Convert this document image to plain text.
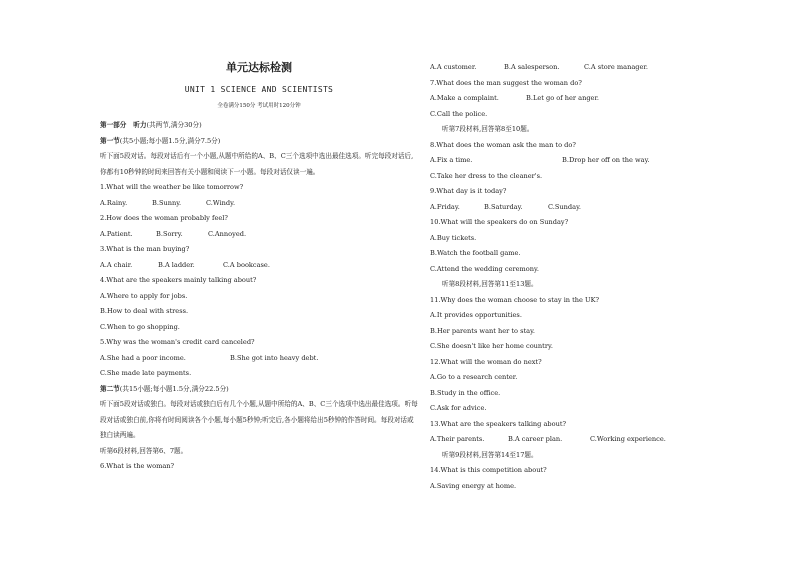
单元达标检测
UNIT 1 SCIENCE AND SCIENTISTS
全卷满分150分 考试用时120分钟
第一部分 听力(共两节,满分30分)
第一节(共5小题;每小题1.5分,满分7.5分)
听下面5段对话。每段对话后有一个小题,从题中所给的A、B、C三个选项中选出最佳选项。听完每段对话后,你都有10秒钟的时间来回答有关小题和阅读下一小题。每段对话仅读一遍。
1.What will the weather be like tomorrow?
A.Rainy.	B.Sunny.	C.Windy.
2.How does the woman probably feel?
A.Patient.	B.Sorry.	C.Annoyed.
3.What is the man buying?
A.A chair.	B.A ladder.	C.A bookcase.
4.What are the speakers mainly talking about?
A.Where to apply for jobs.
B.How to deal with stress.
C.When to go shopping.
5.Why was the woman's credit card canceled?
A.She had a poor income.	B.She got into heavy debt.
C.She made late payments.
第二节(共15小题;每小题1.5分,满分22.5分)
听下面5段对话或独白。每段对话或独白后有几个小题,从题中所给的A、B、C三个选项中选出最佳选项。听每段对话或独白前,你将有时间阅读各个小题,每小题5秒钟;听完后,各小题将给出5秒钟的作答时间。每段对话或独白读两遍。
听第6段材料,回答第6、7题。
6.What is the woman?
A.A customer.	B.A salesperson.	C.A store manager.
7.What does the man suggest the woman do?
A.Make a complaint.	B.Let go of her anger.
C.Call the police.
听第7段材料,回答第8至10题。
8.What does the woman ask the man to do?
A.Fix a time.	B.Drop her off on the way.
C.Take her dress to the cleaner's.
9.What day is it today?
A.Friday.	B.Saturday.	C.Sunday.
10.What will the speakers do on Sunday?
A.Buy tickets.
B.Watch the football game.
C.Attend the wedding ceremony.
听第8段材料,回答第11至13题。
11.Why does the woman choose to stay in the UK?
A.It provides opportunities.
B.Her parents want her to stay.
C.She doesn't like her home country.
12.What will the woman do next?
A.Go to a research center.
B.Study in the office.
C.Ask for advice.
13.What are the speakers talking about?
A.Their parents.	B.A career plan.	C.Working experience.
听第9段材料,回答第14至17题。
14.What is this competition about?
A.Saving energy at home.
